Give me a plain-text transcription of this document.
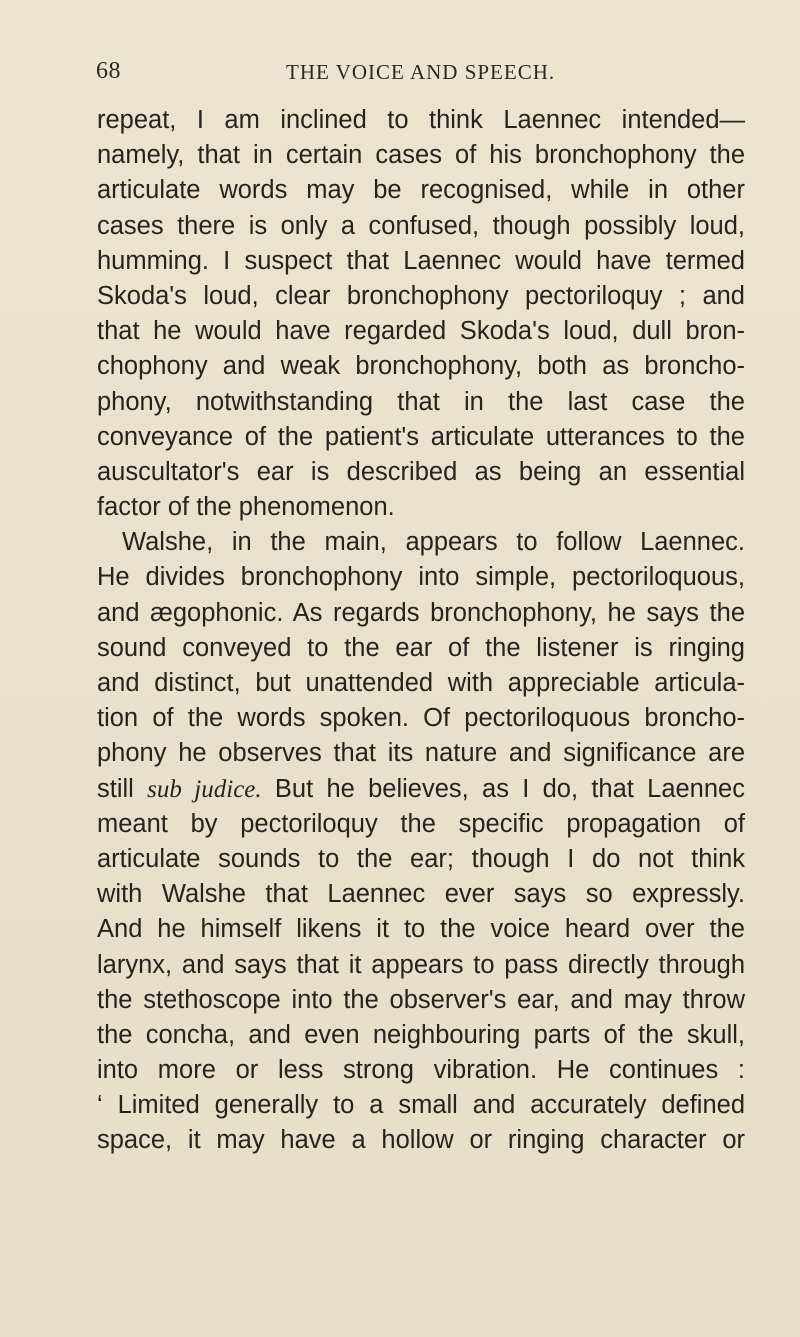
68	THE VOICE AND SPEECH.
repeat, I am inclined to think Laennec intended—
namely, that in certain cases of his bronchophony the
articulate words may be recognised, while in other
cases there is only a confused, though possibly loud,
humming. I suspect that Laennec would have termed
Skoda's loud, clear bronchophony pectoriloquy ; and
that he would have regarded Skoda's loud, dull bron-
chophony and weak bronchophony, both as broncho-
phony, notwithstanding that in the last case the
conveyance of the patient's articulate utterances to the
auscultator's ear is described as being an essential
factor of the phenomenon.
Walshe, in the main, appears to follow Laennec.
He divides bronchophony into simple, pectoriloquous,
and ægophonic. As regards bronchophony, he says the
sound conveyed to the ear of the listener is ringing
and distinct, but unattended with appreciable articula-
tion of the words spoken. Of pectoriloquous broncho-
phony he observes that its nature and significance are
still sub judice. But he believes, as I do, that Laennec
meant by pectoriloquy the specific propagation of
articulate sounds to the ear; though I do not think
with Walshe that Laennec ever says so expressly.
And he himself likens it to the voice heard over the
larynx, and says that it appears to pass directly through
the stethoscope into the observer's ear, and may throw
the concha, and even neighbouring parts of the skull,
into more or less strong vibration. He continues :
‘ Limited generally to a small and accurately defined
space, it may have a hollow or ringing character or
